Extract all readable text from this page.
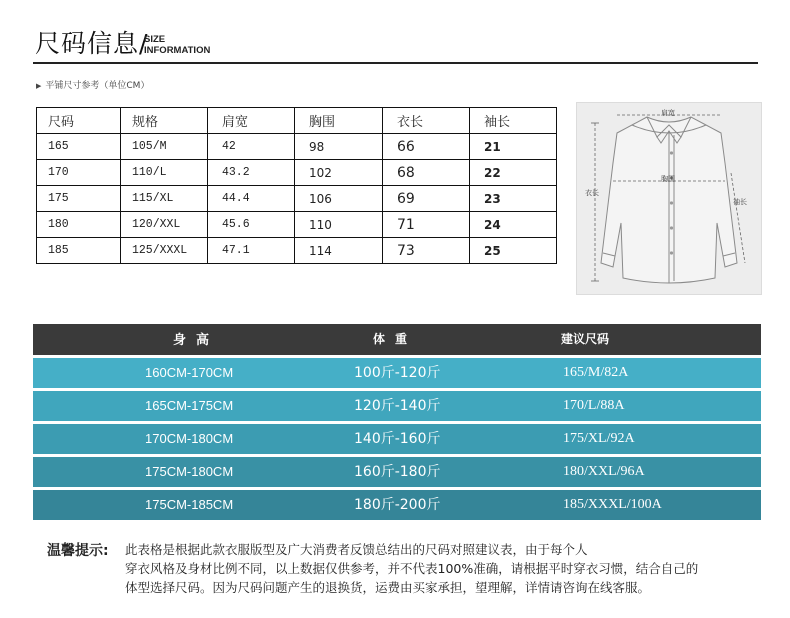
尺码信息/
SIZE
INFORMATION
▶ 平铺尺寸参考（单位CM）
尺码	规格	肩宽	胸围	衣长	袖长
165	105/M	42	98	66	21
170	110/L	43.2	102	68	22
175	115/XL	44.4	106	69	23
180	120/XXL	45.6	110	71	24
185	125/XXXL	47.1	114	73	25
肩宽
胸围
衣长
袖长
身高	体重	建议尺码
160CM-170CM	100斤-120斤	165/M/82A
165CM-175CM	120斤-140斤	170/L/88A
170CM-180CM	140斤-160斤	175/XL/92A
175CM-180CM	160斤-180斤	180/XXL/96A
175CM-185CM	180斤-200斤	185/XXXL/100A
温馨提示: 此表格是根据此款衣服版型及广大消费者反馈总结出的尺码对照建议表，由于每个人
穿衣风格及身材比例不同，以上数据仅供参考，并不代表100%准确，请根据平时穿衣习惯，结合自己的
体型选择尺码。因为尺码问题产生的退换货，运费由买家承担，望理解，详情请咨询在线客服。
